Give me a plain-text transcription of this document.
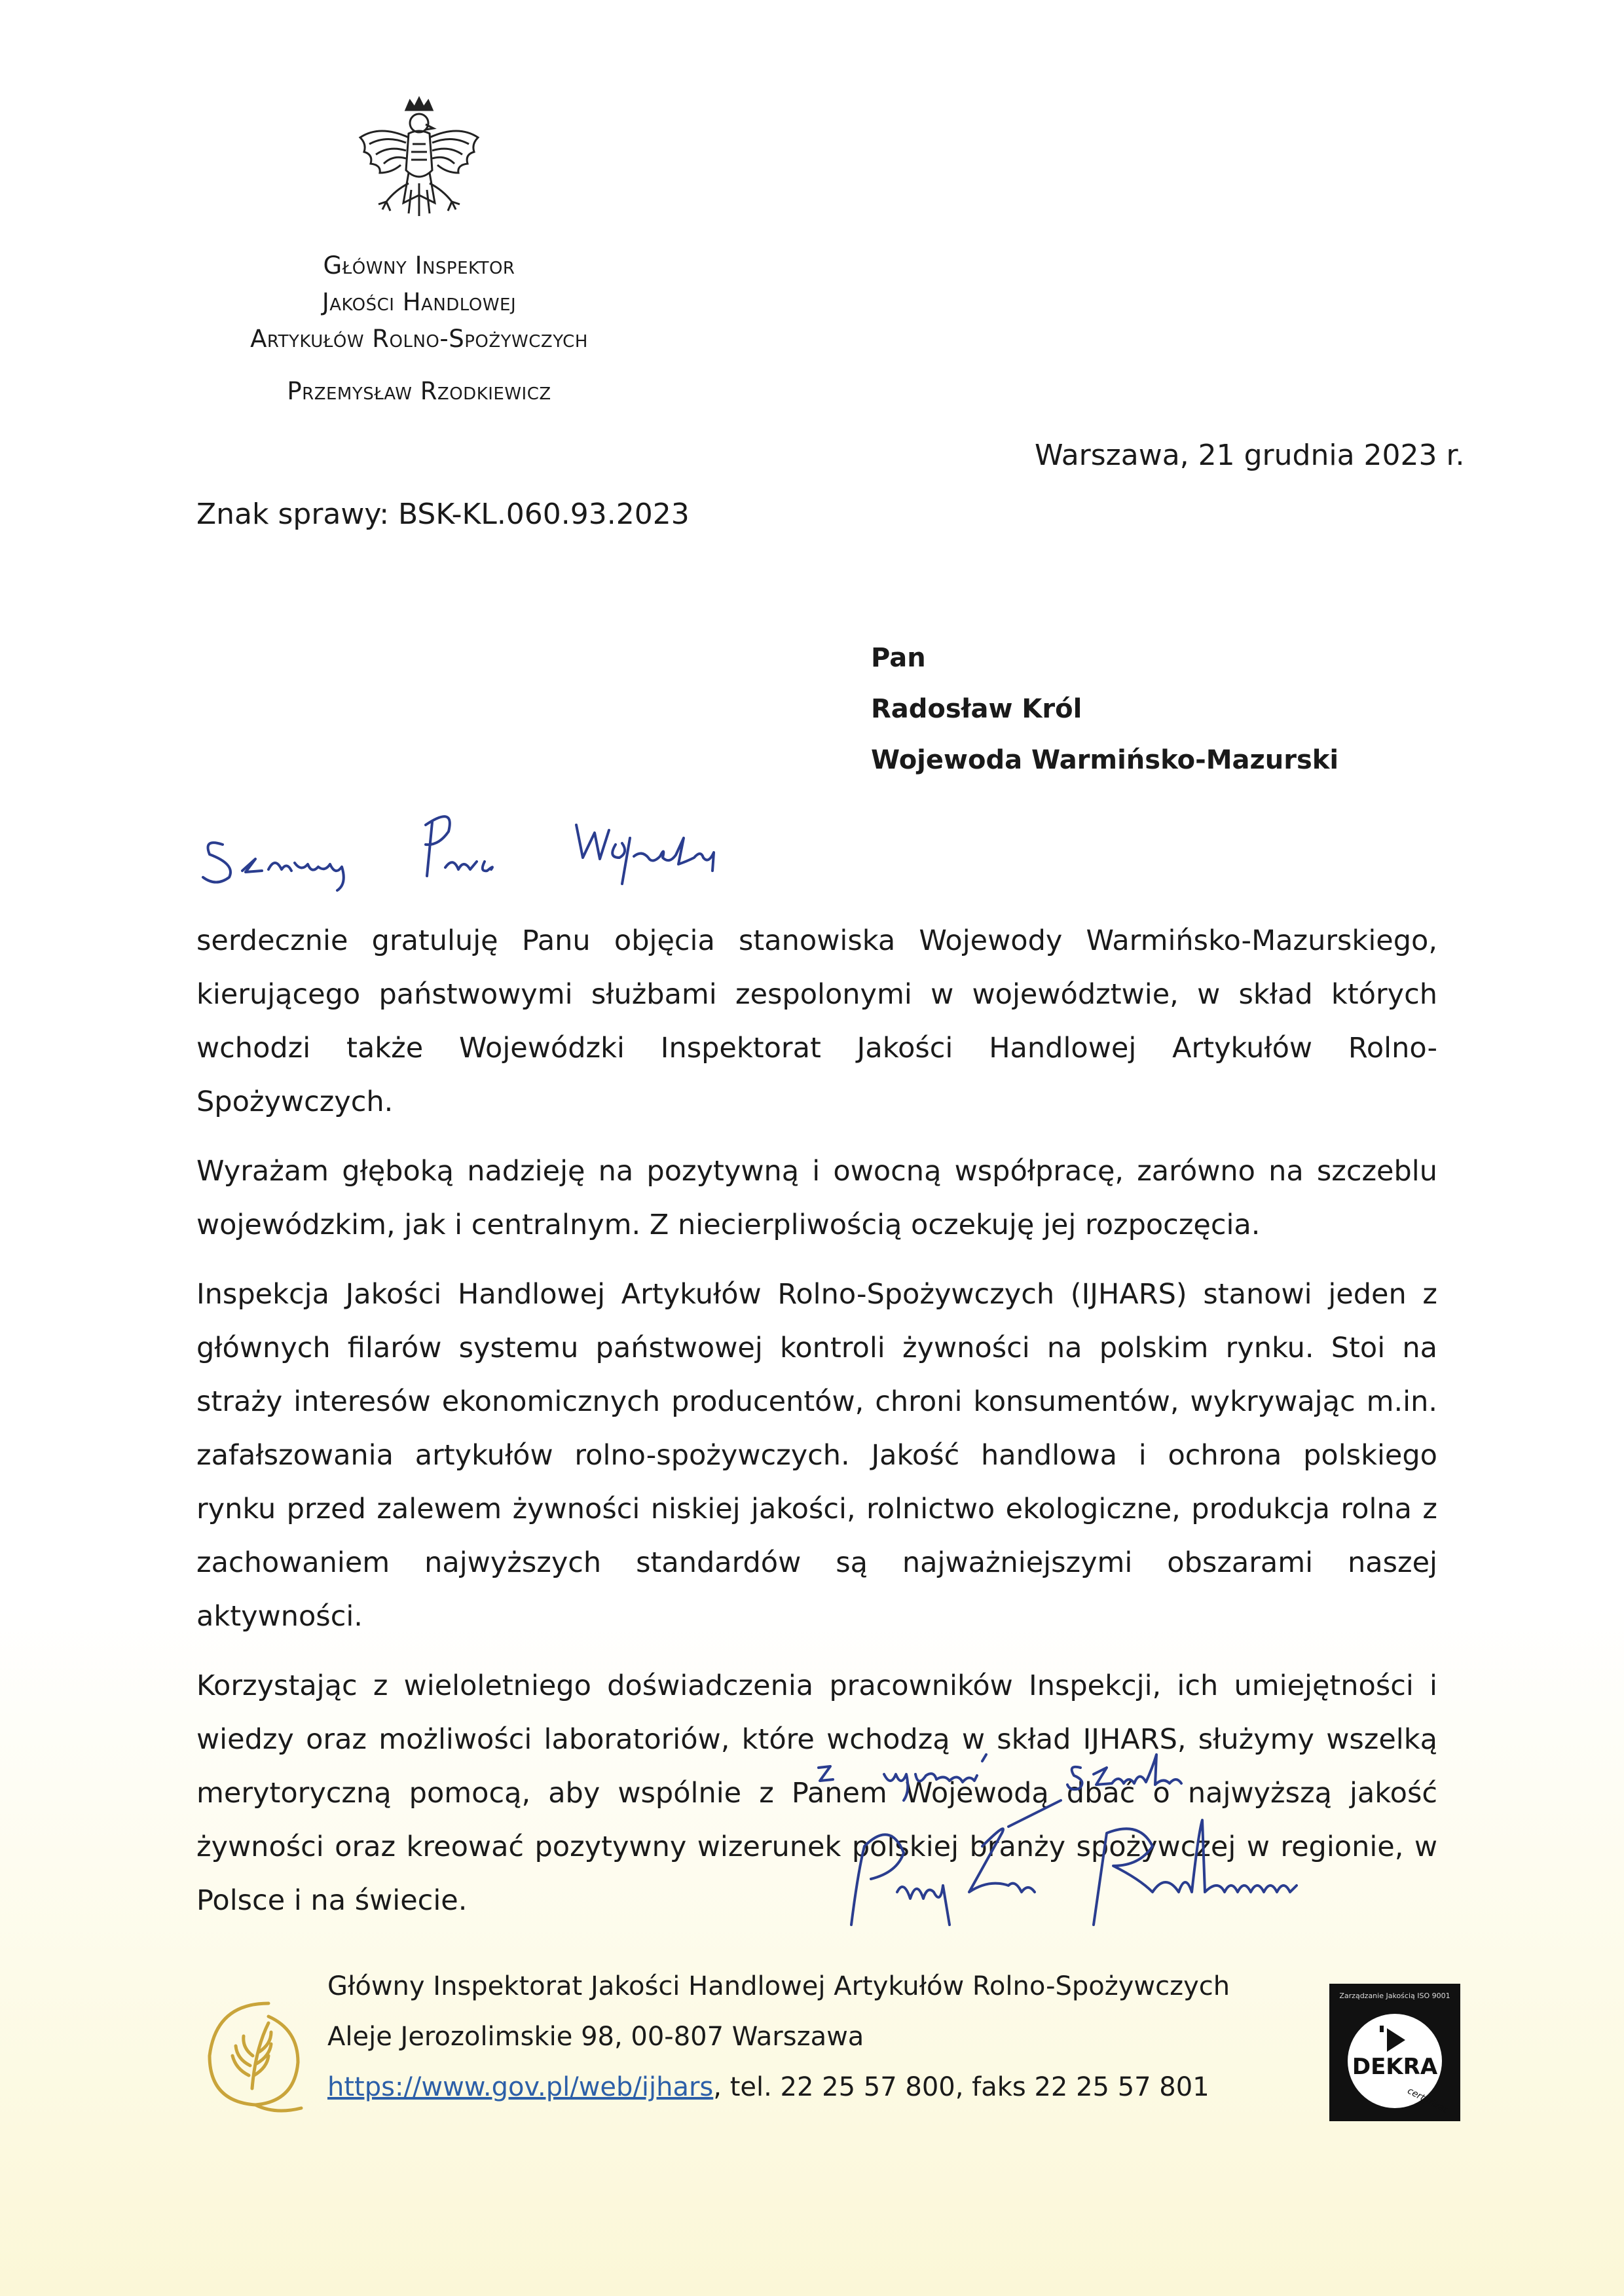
Główny Inspektor
Jakości Handlowej
Artykułów Rolno-Spożywczych
Przemysław Rzodkiewicz
Warszawa, 21 grudnia 2023 r.
Znak sprawy: BSK-KL.060.93.2023
Pan
Radosław Król
Wojewoda Warmińsko-Mazurski

serdecznie gratuluję Panu objęcia stanowiska Wojewody Warmińsko-Mazurskiego, kierującego państwowymi służbami zespolonymi w województwie, w skład których wchodzi także Wojewódzki Inspektorat Jakości Handlowej Artykułów Rolno-Spożywczych.

Wyrażam głęboką nadzieję na pozytywną i owocną współpracę, zarówno na szczeblu wojewódzkim, jak i centralnym. Z niecierpliwością oczekuję jej rozpoczęcia.

Inspekcja Jakości Handlowej Artykułów Rolno-Spożywczych (IJHARS) stanowi jeden z głównych filarów systemu państwowej kontroli żywności na polskim rynku. Stoi na straży interesów ekonomicznych producentów, chroni konsumentów, wykrywając m.in. zafałszowania artykułów rolno-spożywczych. Jakość handlowa i ochrona polskiego rynku przed zalewem żywności niskiej jakości, rolnictwo ekologiczne, produkcja rolna z zachowaniem najwyższych standardów są najważniejszymi obszarami naszej aktywności.

Korzystając z wieloletniego doświadczenia pracowników Inspekcji, ich umiejętności i wiedzy oraz możliwości laboratoriów, które wchodzą w skład IJHARS, służymy wszelką merytoryczną pomocą, aby wspólnie z Panem Wojewodą dbać o najwyższą jakość żywności oraz kreować pozytywny wizerunek polskiej branży spożywczej w regionie, w Polsce i na świecie.

Główny Inspektorat Jakości Handlowej Artykułów Rolno-Spożywczych
Aleje Jerozolimskie 98, 00-807 Warszawa
https://www.gov.pl/web/ijhars, tel. 22 25 57 800, faks 22 25 57 801
Zarządzanie Jakością ISO 9001
DEKRA
certyfikat
